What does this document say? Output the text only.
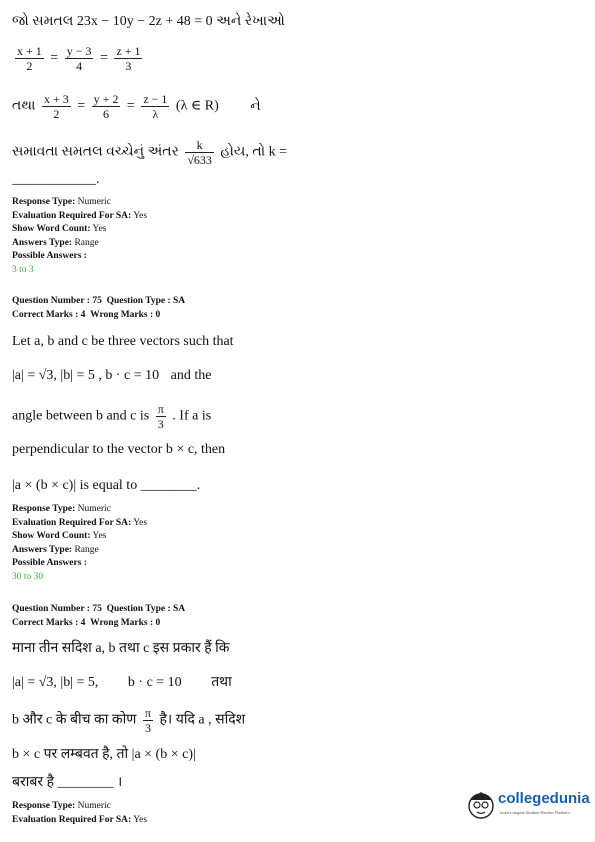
જો સમતલ 23x − 10y − 2z + 48 = 0 અને રેખાઓ
$\frac{x + 1}{2} = \frac{y - 3}{4} = \frac{z + 1}{3}$
તથા $\frac{x + 3}{2} = \frac{y + 2}{6} = \frac{z - 1}{\lambda} (\lambda$ ∈ R) ને
સમાવતા સમતલ વચ્ચેનું અંતર $\frac{k}{√633}$ હોય, તો k =
____________.
Response Type: Numeric
Evaluation Required For SA: Yes
Show Word Count: Yes
Answers Type: Range
Possible Answers :
3 to 3
Question Number : 75 Question Type : SA
Correct Marks : 4 Wrong Marks : 0
Let a, b and c be three vectors such that
|a| = √3, |b| = 5 , b · c = 10 and the
angle between b and c is $\frac{\pi}{3}$ . If a is
perpendicular to the vector b × c, then
|a × (b × c)| is equal to ________.
Response Type: Numeric
Evaluation Required For SA: Yes
Show Word Count: Yes
Answers Type: Range
Possible Answers :
30 to 30
Question Number : 75 Question Type : SA
Correct Marks : 4 Wrong Marks : 0
माना तीन सदिश a, b तथा c इस प्रकार हैं कि
|a| = √3, |b| = 5, b · c = 10 तथा
b और c के बीच का कोण $\frac{\pi}{3}$ है। यदि a , सदिश
b × c पर लम्बवत है, तो |a × (b × c)|
बराबर है ________ ।
Response Type: Numeric
Evaluation Required For SA: Yes
collegedunia
India's largest Student Review Platform
